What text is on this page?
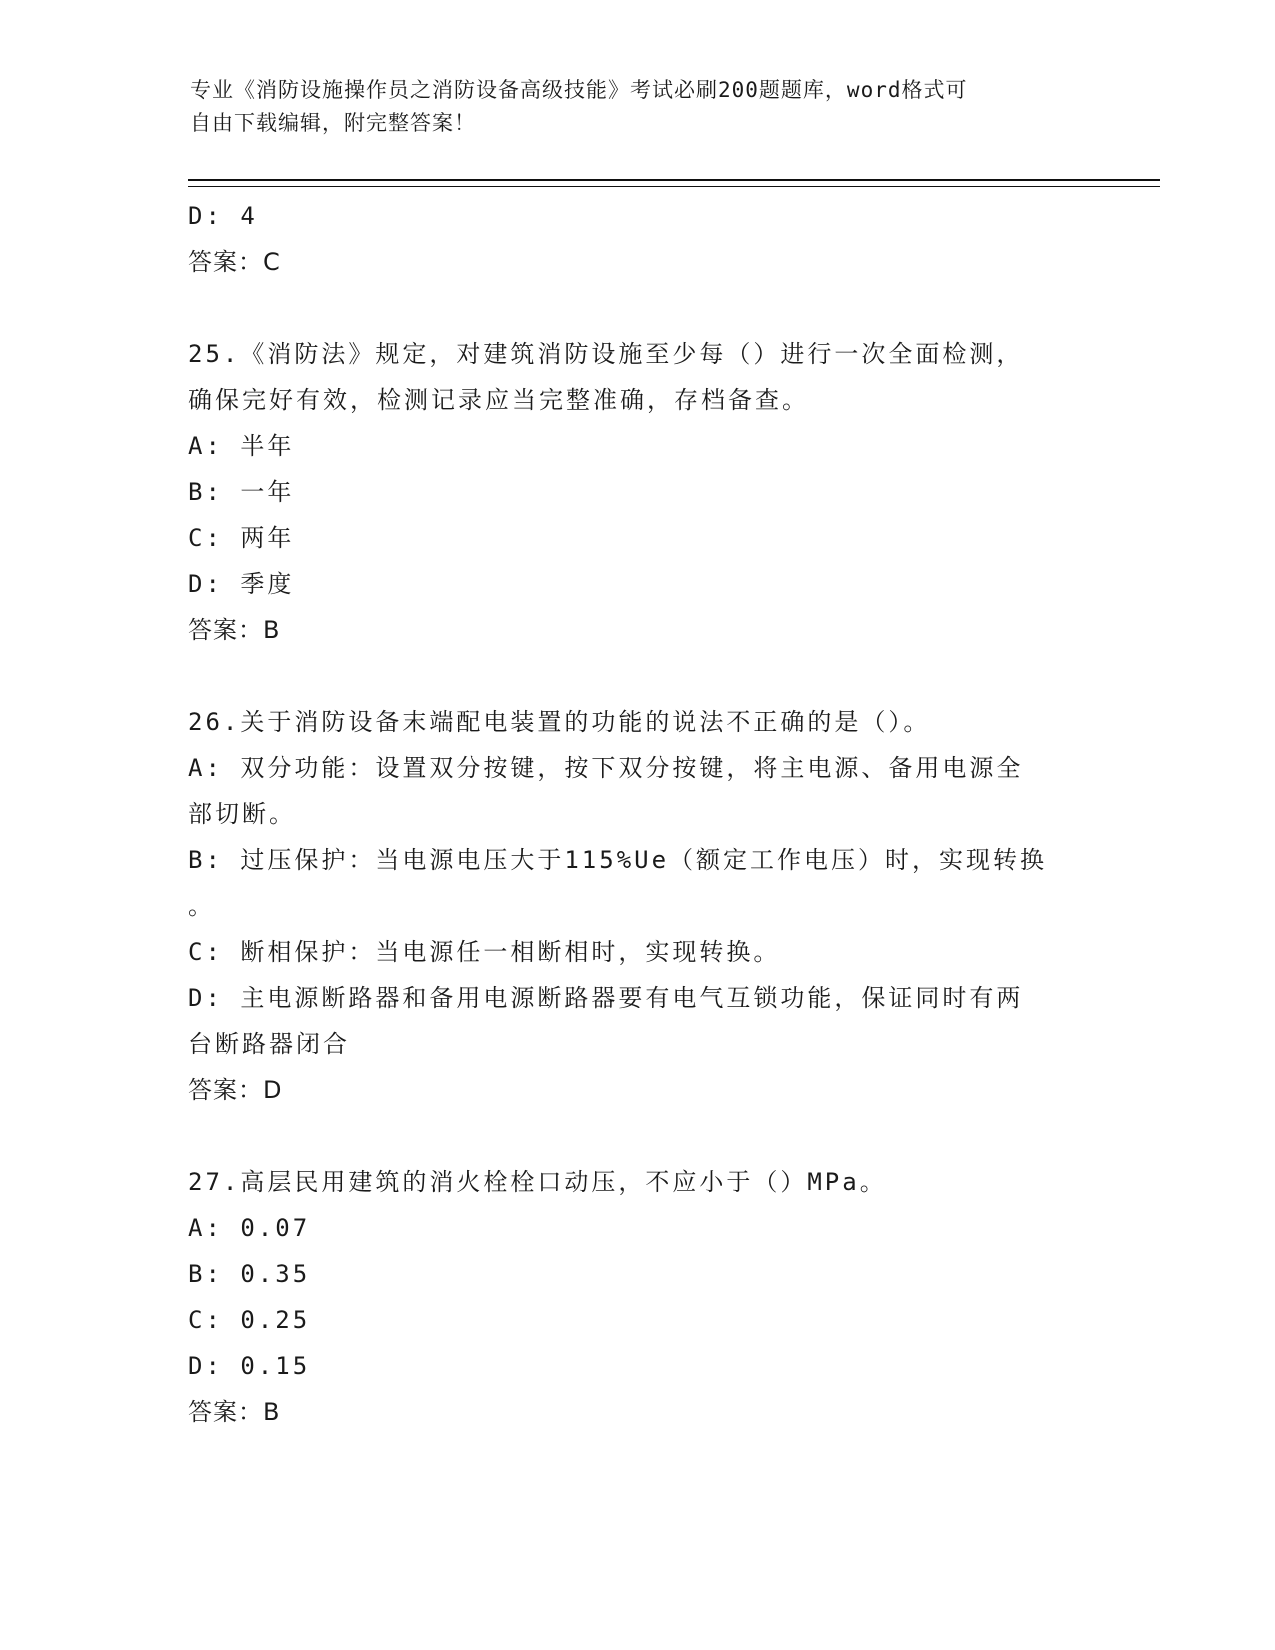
专业《消防设施操作员之消防设备高级技能》考试必刷200题题库，word格式可
自由下载编辑，附完整答案！
D: 4
答案：C
25.《消防法》规定，对建筑消防设施至少每（）进行一次全面检测，
确保完好有效，检测记录应当完整准确，存档备查。
A: 半年
B: 一年
C: 两年
D: 季度
答案：B
26.关于消防设备末端配电装置的功能的说法不正确的是（）。
A: 双分功能：设置双分按键，按下双分按键，将主电源、备用电源全
部切断。
B: 过压保护：当电源电压大于115%Ue（额定工作电压）时，实现转换
。
C: 断相保护：当电源任一相断相时，实现转换。
D: 主电源断路器和备用电源断路器要有电气互锁功能，保证同时有两
台断路器闭合
答案：D
27.高层民用建筑的消火栓栓口动压，不应小于（）MPa。
A: 0.07
B: 0.35
C: 0.25
D: 0.15
答案：B
